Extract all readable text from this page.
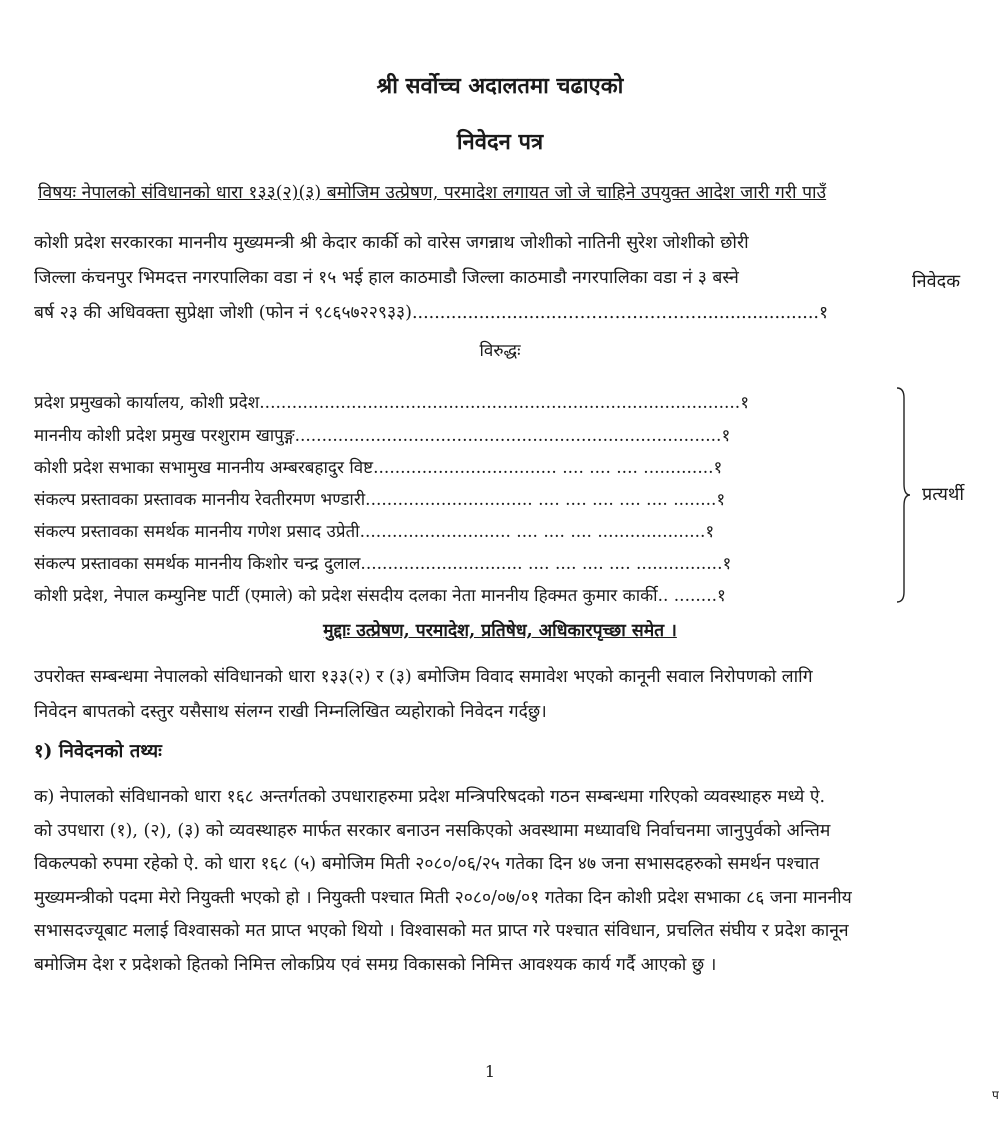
श्री सर्वोच्च अदालतमा चढाएको
निवेदन पत्र
विषयः नेपालको संविधानको धारा १३३(२)(३) बमोजिम उत्प्रेषण, परमादेश लगायत जो जे चाहिने उपयुक्त आदेश जारी गरी पाउँ
कोशी प्रदेश सरकारका माननीय मुख्यमन्त्री श्री केदार कार्की को वारेस जगन्नाथ जोशीको नातिनी सुरेश जोशीको छोरी
जिल्ला कंचनपुर भिमदत्त नगरपालिका वडा नं १५ भई हाल काठमाडौ जिल्ला काठमाडौ नगरपालिका वडा नं ३ बस्ने
बर्ष २३ की अधिवक्ता सुप्रेक्षा जोशी (फोन नं ९८६५७२२९३३)...........................…………………….....................१
निवेदक
विरुद्धः
प्रदेश प्रमुखको कार्यालय, कोशी प्रदेश.........................................................................................१
माननीय कोशी प्रदेश प्रमुख परशुराम खापुङ्ग...............................................................................१
कोशी प्रदेश सभाका सभामुख माननीय अम्बरबहादुर विष्ट.................................. .... .... .... .............१
संकल्प प्रस्तावका प्रस्तावक माननीय रेवतीरमण भण्डारी............................... .... .... .... .... .... ........१
संकल्प प्रस्तावका समर्थक माननीय गणेश प्रसाद उप्रेती............................ .... .... .... ....................१
संकल्प प्रस्तावका समर्थक माननीय किशोर चन्द्र दुलाल.............................. .... .... .... .... ................१
कोशी प्रदेश, नेपाल कम्युनिष्ट पार्टी (एमाले) को प्रदेश संसदीय दलका नेता माननीय हिक्मत कुमार कार्की.. ........१
प्रत्यर्थी
मुद्दाः उत्प्रेषण, परमादेश, प्रतिषेध, अधिकारपृच्छा समेत ।
उपरोक्त सम्बन्धमा नेपालको संविधानको धारा १३३(२) र (३) बमोजिम विवाद समावेश भएको कानूनी सवाल निरोपणको लागि
निवेदन बापतको दस्तुर यसैसाथ संलग्न राखी निम्नलिखित व्यहोराको निवेदन गर्दछु।
१) निवेदनको तथ्यः
क) नेपालको संविधानको धारा १६८ अन्तर्गतको उपधाराहरुमा प्रदेश मन्त्रिपरिषदको गठन सम्बन्धमा गरिएको व्यवस्थाहरु मध्ये ऐ.
को उपधारा (१), (२), (३) को व्यवस्थाहरु मार्फत सरकार बनाउन नसकिएको अवस्थामा मध्यावधि निर्वाचनमा जानुपुर्वको अन्तिम
विकल्पको रुपमा रहेको ऐ. को धारा १६८ (५) बमोजिम मिती २०८०/०६/२५ गतेका दिन ४७ जना सभासदहरुको समर्थन पश्चात
मुख्यमन्त्रीको पदमा मेरो नियुक्ती भएको हो । नियुक्ती पश्चात मिती २०८०/०७/०१ गतेका दिन कोशी प्रदेश सभाका ८६ जना माननीय
सभासदज्यूबाट मलाई विश्वासको मत प्राप्त भएको थियो । विश्वासको मत प्राप्त गरे पश्चात संविधान, प्रचलित संघीय र प्रदेश कानून
बमोजिम देश र प्रदेशको हितको निमित्त लोकप्रिय एवं समग्र विकासको निमित्त आवश्यक कार्य गर्दै आएको छु ।
1
प
